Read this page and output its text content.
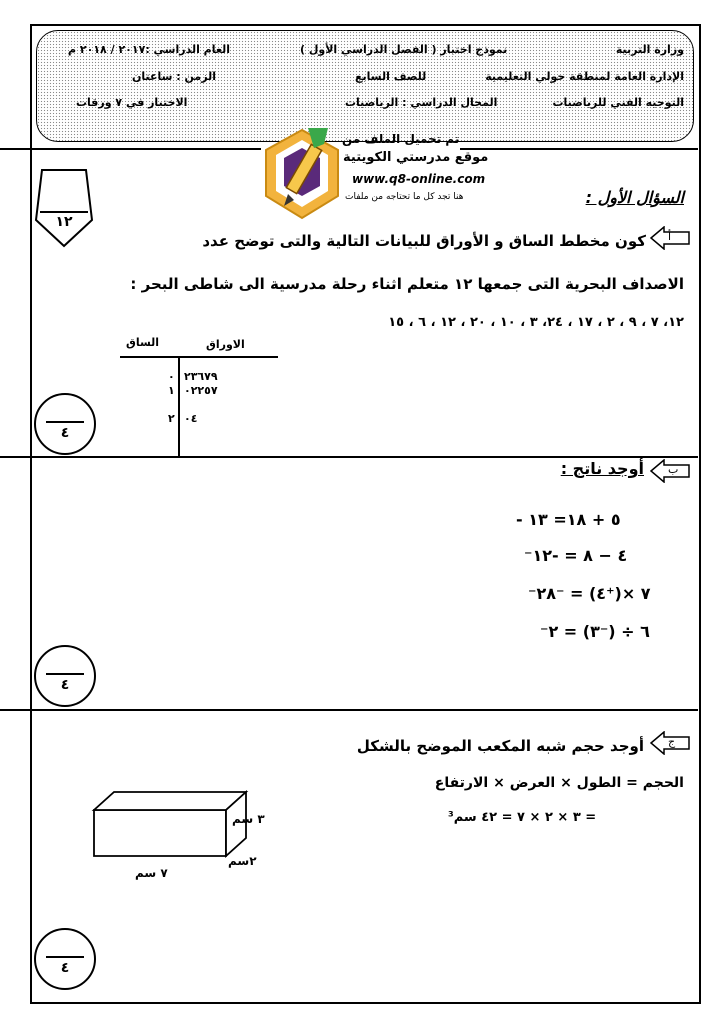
وزارة التربية
الإدارة العامة لمنطقة حولي التعليمية
التوجيه الفني للرياضيات
نموذج اختبار ( الفصل الدراسي الأول )
للصف السابع
المجال الدراسي : الرياضيات
العام الدراسي :٢٠١٧ / ٢٠١٨ م
الزمن : ساعتان
الاختبار في ٧ ورقات
تم تحميل الملف من
موقع مدرستي الكويتية
www.q8-online.com
هنا تجد كل ما تحتاجه من ملفات
١٢
السؤال الأول :
أ
كون مخطط الساق و الأوراق للبيانات التالية والتى توضح عدد
الاصداف البحرية التى جمعها ١٢ متعلم اثناء رحلة مدرسية الى شاطى البحر :
١٢، ٧ ، ٩ ، ٢ ، ١٧ ، ٢٤، ٣ ، ١٠ ، ٢٠ ، ١٢ ، ٦ ، ١٥
الساق	الاوراق
٠ ٢٣٦٧٩
١ ٠٢٢٥٧
٢ ٠٤
٤
ب
أوجد ناتج :
- ٥ + ١٨= ١٣
⁻٤ − ٨ = -١٢
⁻٧ ×(⁺٤) = ⁻٢٨
⁻٦ ÷ (⁻٣) = ٢
٤
ج
أوجد حجم شبه المكعب الموضح بالشكل
الحجم = الطول × العرض × الارتفاع
= ٣ × ٢ × ٧ = ٤٢ سم³
٣ سم
٢سم
٧ سم
٤
